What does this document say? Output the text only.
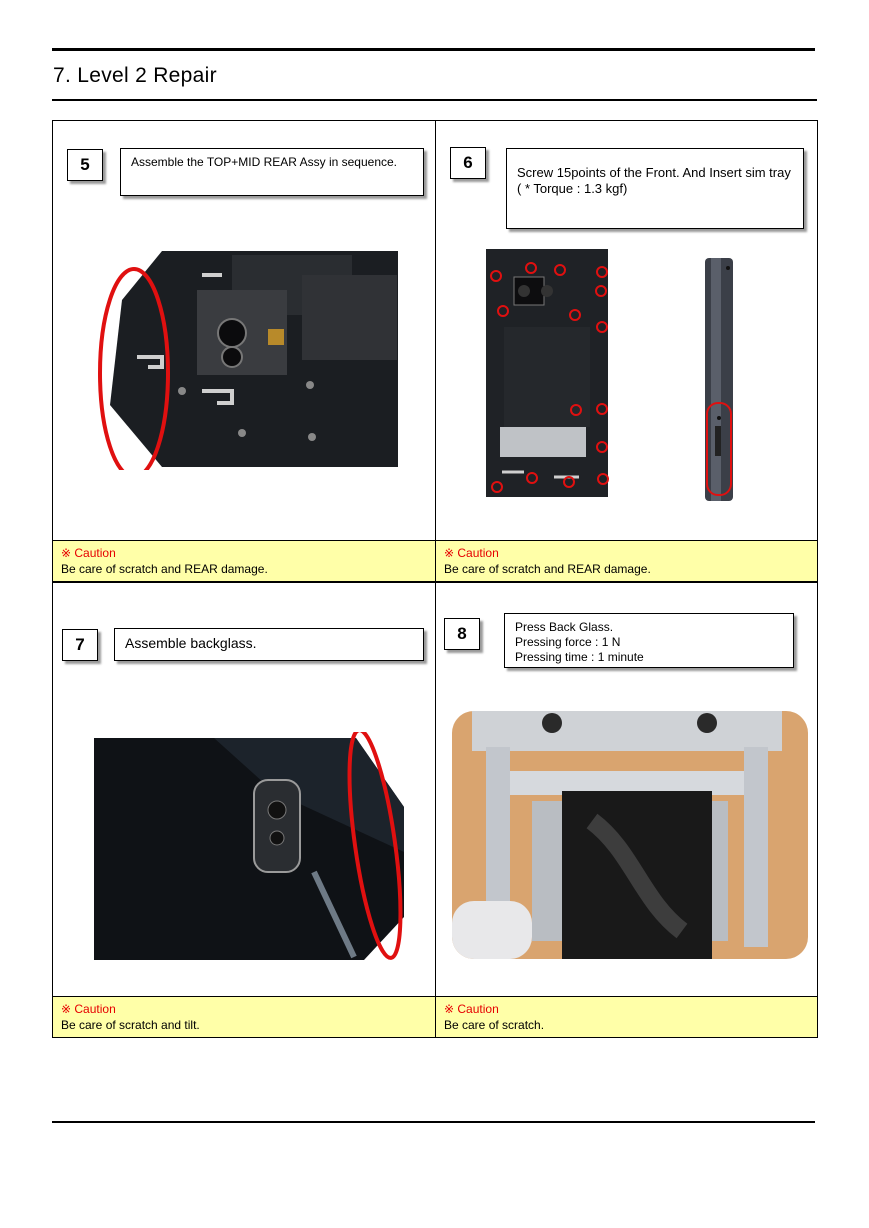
7. Level 2 Repair
5	Assemble the TOP+MID REAR Assy in sequence.
※ Caution
Be care of scratch and REAR damage.
6
Screw 15points of the Front. And Insert sim tray
( * Torque : 1.3 kgf)
※ Caution
Be care of scratch and REAR damage.
7	Assemble backglass.
※ Caution
Be care of scratch and tilt.
8	Press Back Glass.
Pressing force : 1 N
Pressing time : 1 minute
※ Caution
Be care of scratch.
